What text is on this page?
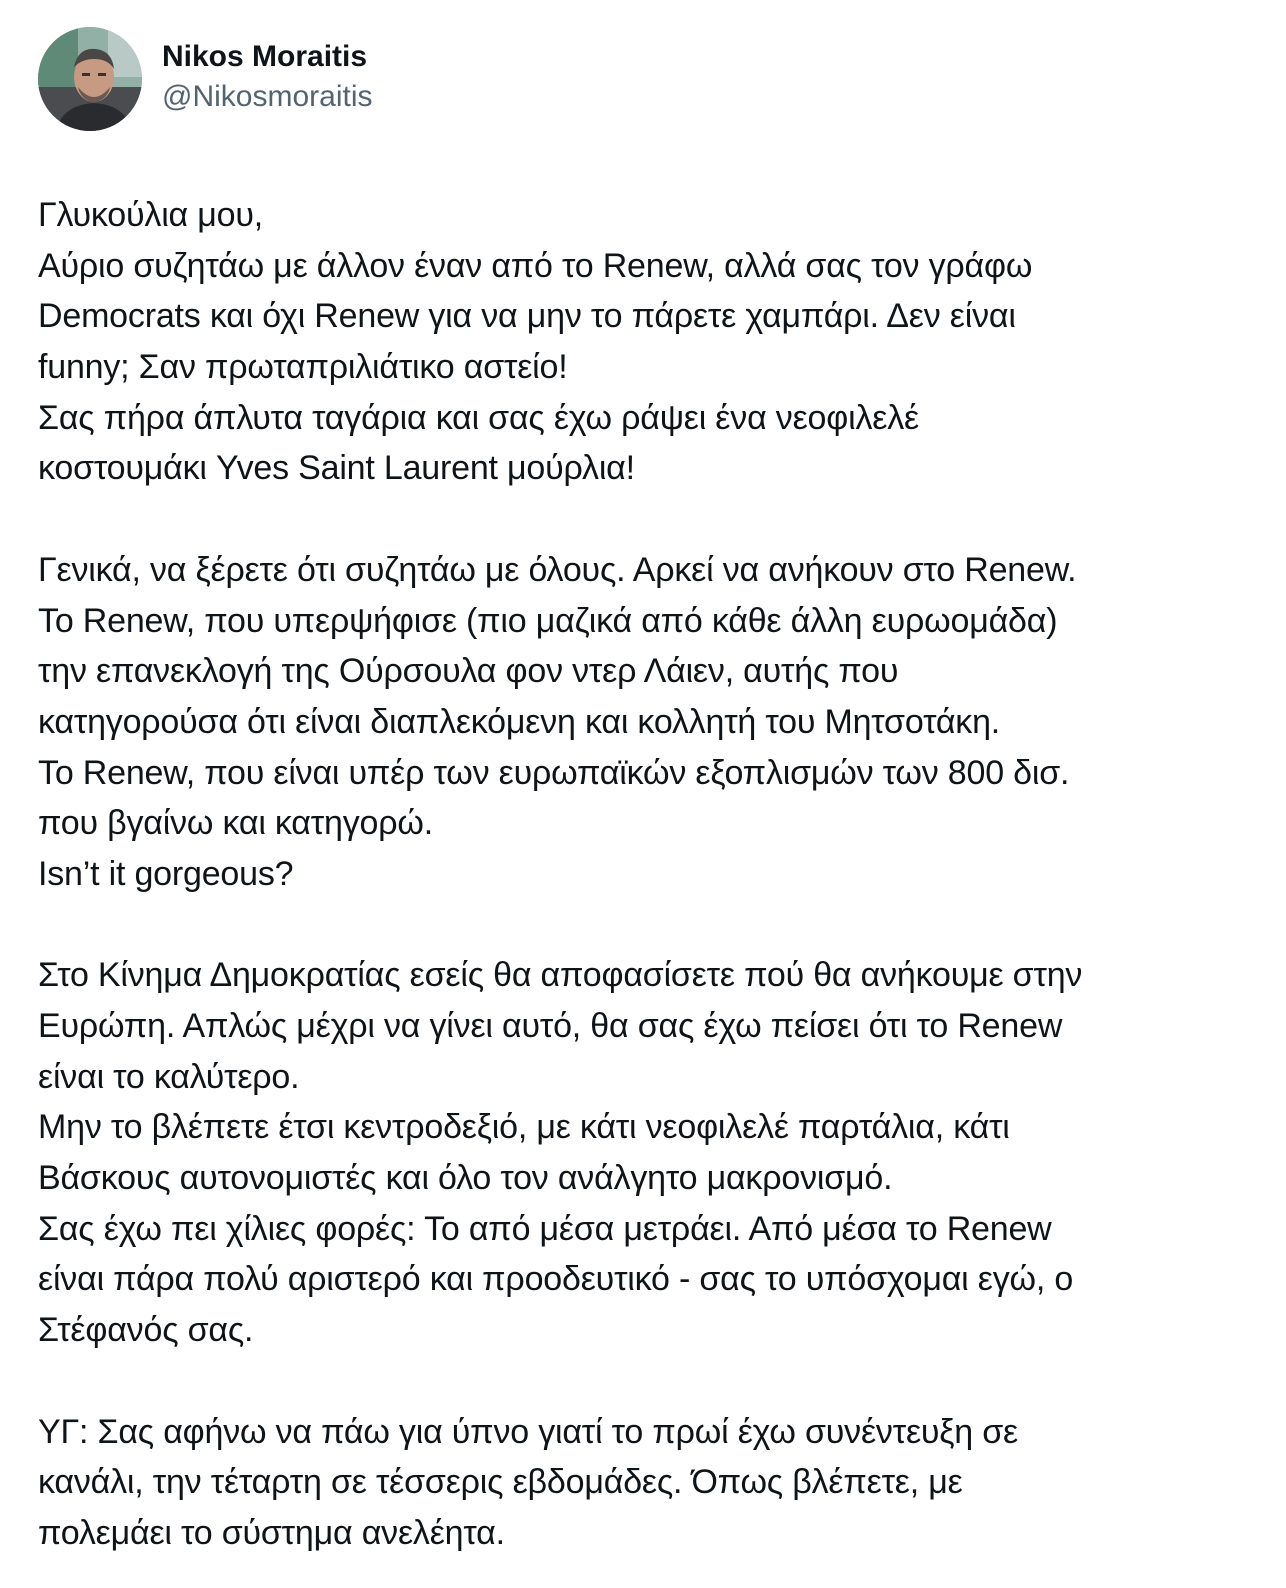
Nikos Moraitis
@Nikosmoraitis
Γλυκούλια μου,
Αύριο συζητάω με άλλον έναν από το Renew, αλλά σας τον γράφω
Democrats και όχι Renew για να μην το πάρετε χαμπάρι. Δεν είναι
funny; Σαν πρωταπριλιάτικο αστείο!
Σας πήρα άπλυτα ταγάρια και σας έχω ράψει ένα νεοφιλελέ
κοστουμάκι Yves Saint Laurent μούρλια!
Γενικά, να ξέρετε ότι συζητάω με όλους. Αρκεί να ανήκουν στο Renew.
Το Renew, που υπερψήφισε (πιο μαζικά από κάθε άλλη ευρωομάδα)
την επανεκλογή της Ούρσουλα φον ντερ Λάιεν, αυτής που
κατηγορούσα ότι είναι διαπλεκόμενη και κολλητή του Μητσοτάκη.
Το Renew, που είναι υπέρ των ευρωπαϊκών εξοπλισμών των 800 δισ.
που βγαίνω και κατηγορώ.
Isn’t it gorgeous?
Στο Κίνημα Δημοκρατίας εσείς θα αποφασίσετε πού θα ανήκουμε στην
Ευρώπη. Απλώς μέχρι να γίνει αυτό, θα σας έχω πείσει ότι το Renew
είναι το καλύτερο.
Μην το βλέπετε έτσι κεντροδεξιό, με κάτι νεοφιλελέ παρτάλια, κάτι
Βάσκους αυτονομιστές και όλο τον ανάλγητο μακρονισμό.
Σας έχω πει χίλιες φορές: Το από μέσα μετράει. Από μέσα το Renew
είναι πάρα πολύ αριστερό και προοδευτικό - σας το υπόσχομαι εγώ, ο
Στέφανός σας.
ΥΓ: Σας αφήνω να πάω για ύπνο γιατί το πρωί έχω συνέντευξη σε
κανάλι, την τέταρτη σε τέσσερις εβδομάδες. Όπως βλέπετε, με
πολεμάει το σύστημα ανελέητα.
